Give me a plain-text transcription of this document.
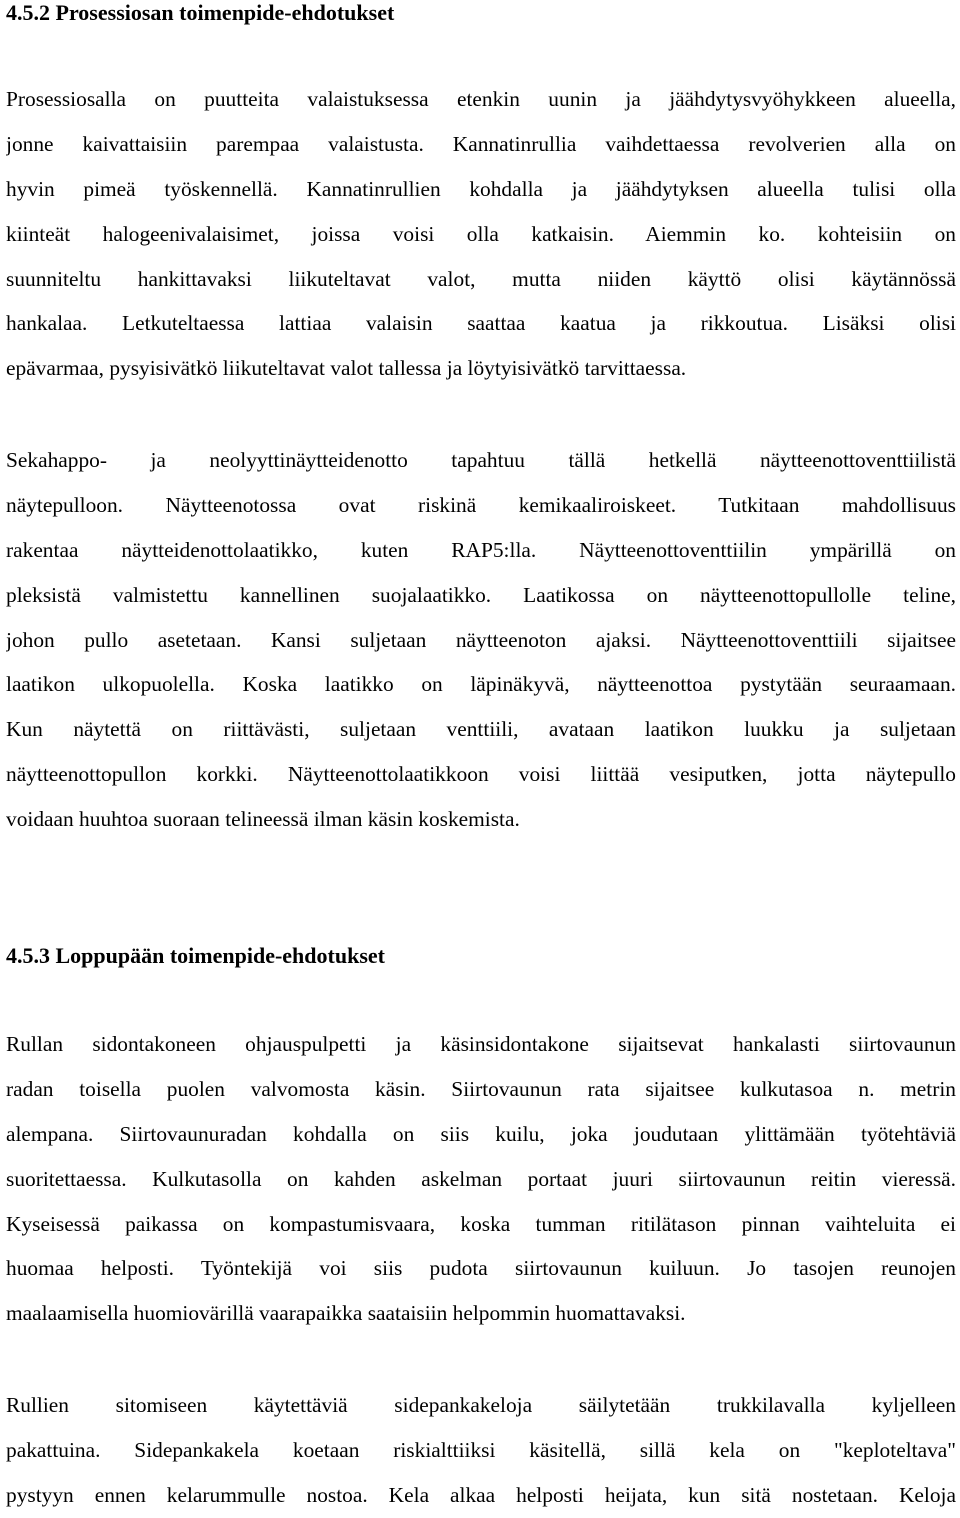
4.5.2 Prosessiosan toimenpide-ehdotukset
Prosessiosalla on puutteita valaistuksessa etenkin uunin ja jäähdytysvyöhykkeen alueella,
jonne kaivattaisiin parempaa valaistusta. Kannatinrullia vaihdettaessa revolverien alla on
hyvin pimeä työskennellä. Kannatinrullien kohdalla ja jäähdytyksen alueella tulisi olla
kiinteät halogeenivalaisimet, joissa voisi olla katkaisin. Aiemmin ko. kohteisiin on
suunniteltu hankittavaksi liikuteltavat valot, mutta niiden käyttö olisi käytännössä
hankalaa. Letkuteltaessa lattiaa valaisin saattaa kaatua ja rikkoutua. Lisäksi olisi
epävarmaa, pysyisivätkö liikuteltavat valot tallessa ja löytyisivätkö tarvittaessa.
Sekahappo- ja neolyyttinäytteidenotto tapahtuu tällä hetkellä näytteenottoventtiilistä
näytepulloon. Näytteenotossa ovat riskinä kemikaaliroiskeet. Tutkitaan mahdollisuus
rakentaa näytteidenottolaatikko, kuten RAP5:lla. Näytteenottoventtiilin ympärillä on
pleksistä valmistettu kannellinen suojalaatikko. Laatikossa on näytteenottopullolle teline,
johon pullo asetetaan. Kansi suljetaan näytteenoton ajaksi. Näytteenottoventtiili sijaitsee
laatikon ulkopuolella. Koska laatikko on läpinäkyvä, näytteenottoa pystytään seuraamaan.
Kun näytettä on riittävästi, suljetaan venttiili, avataan laatikon luukku ja suljetaan
näytteenottopullon korkki. Näytteenottolaatikkoon voisi liittää vesiputken, jotta näytepullo
voidaan huuhtoa suoraan telineessä ilman käsin koskemista.
4.5.3 Loppupään toimenpide-ehdotukset
Rullan sidontakoneen ohjauspulpetti ja käsinsidontakone sijaitsevat hankalasti siirtovaunun
radan toisella puolen valvomosta käsin. Siirtovaunun rata sijaitsee kulkutasoa n. metrin
alempana. Siirtovaunuradan kohdalla on siis kuilu, joka joudutaan ylittämään työtehtäviä
suoritettaessa. Kulkutasolla on kahden askelman portaat juuri siirtovaunun reitin vieressä.
Kyseisessä paikassa on kompastumisvaara, koska tumman ritilätason pinnan vaihteluita ei
huomaa helposti. Työntekijä voi siis pudota siirtovaunun kuiluun. Jo tasojen reunojen
maalaamisella huomiovärillä vaarapaikka saataisiin helpommin huomattavaksi.
Rullien sitomiseen käytettäviä sidepankakeloja säilytetään trukkilavalla kyljelleen
pakattuina. Sidepankakela koetaan riskialttiiksi käsitellä, sillä kela on "keploteltava"
pystyyn ennen kelarummulle nostoa. Kela alkaa helposti heijata, kun sitä nostetaan. Keloja
